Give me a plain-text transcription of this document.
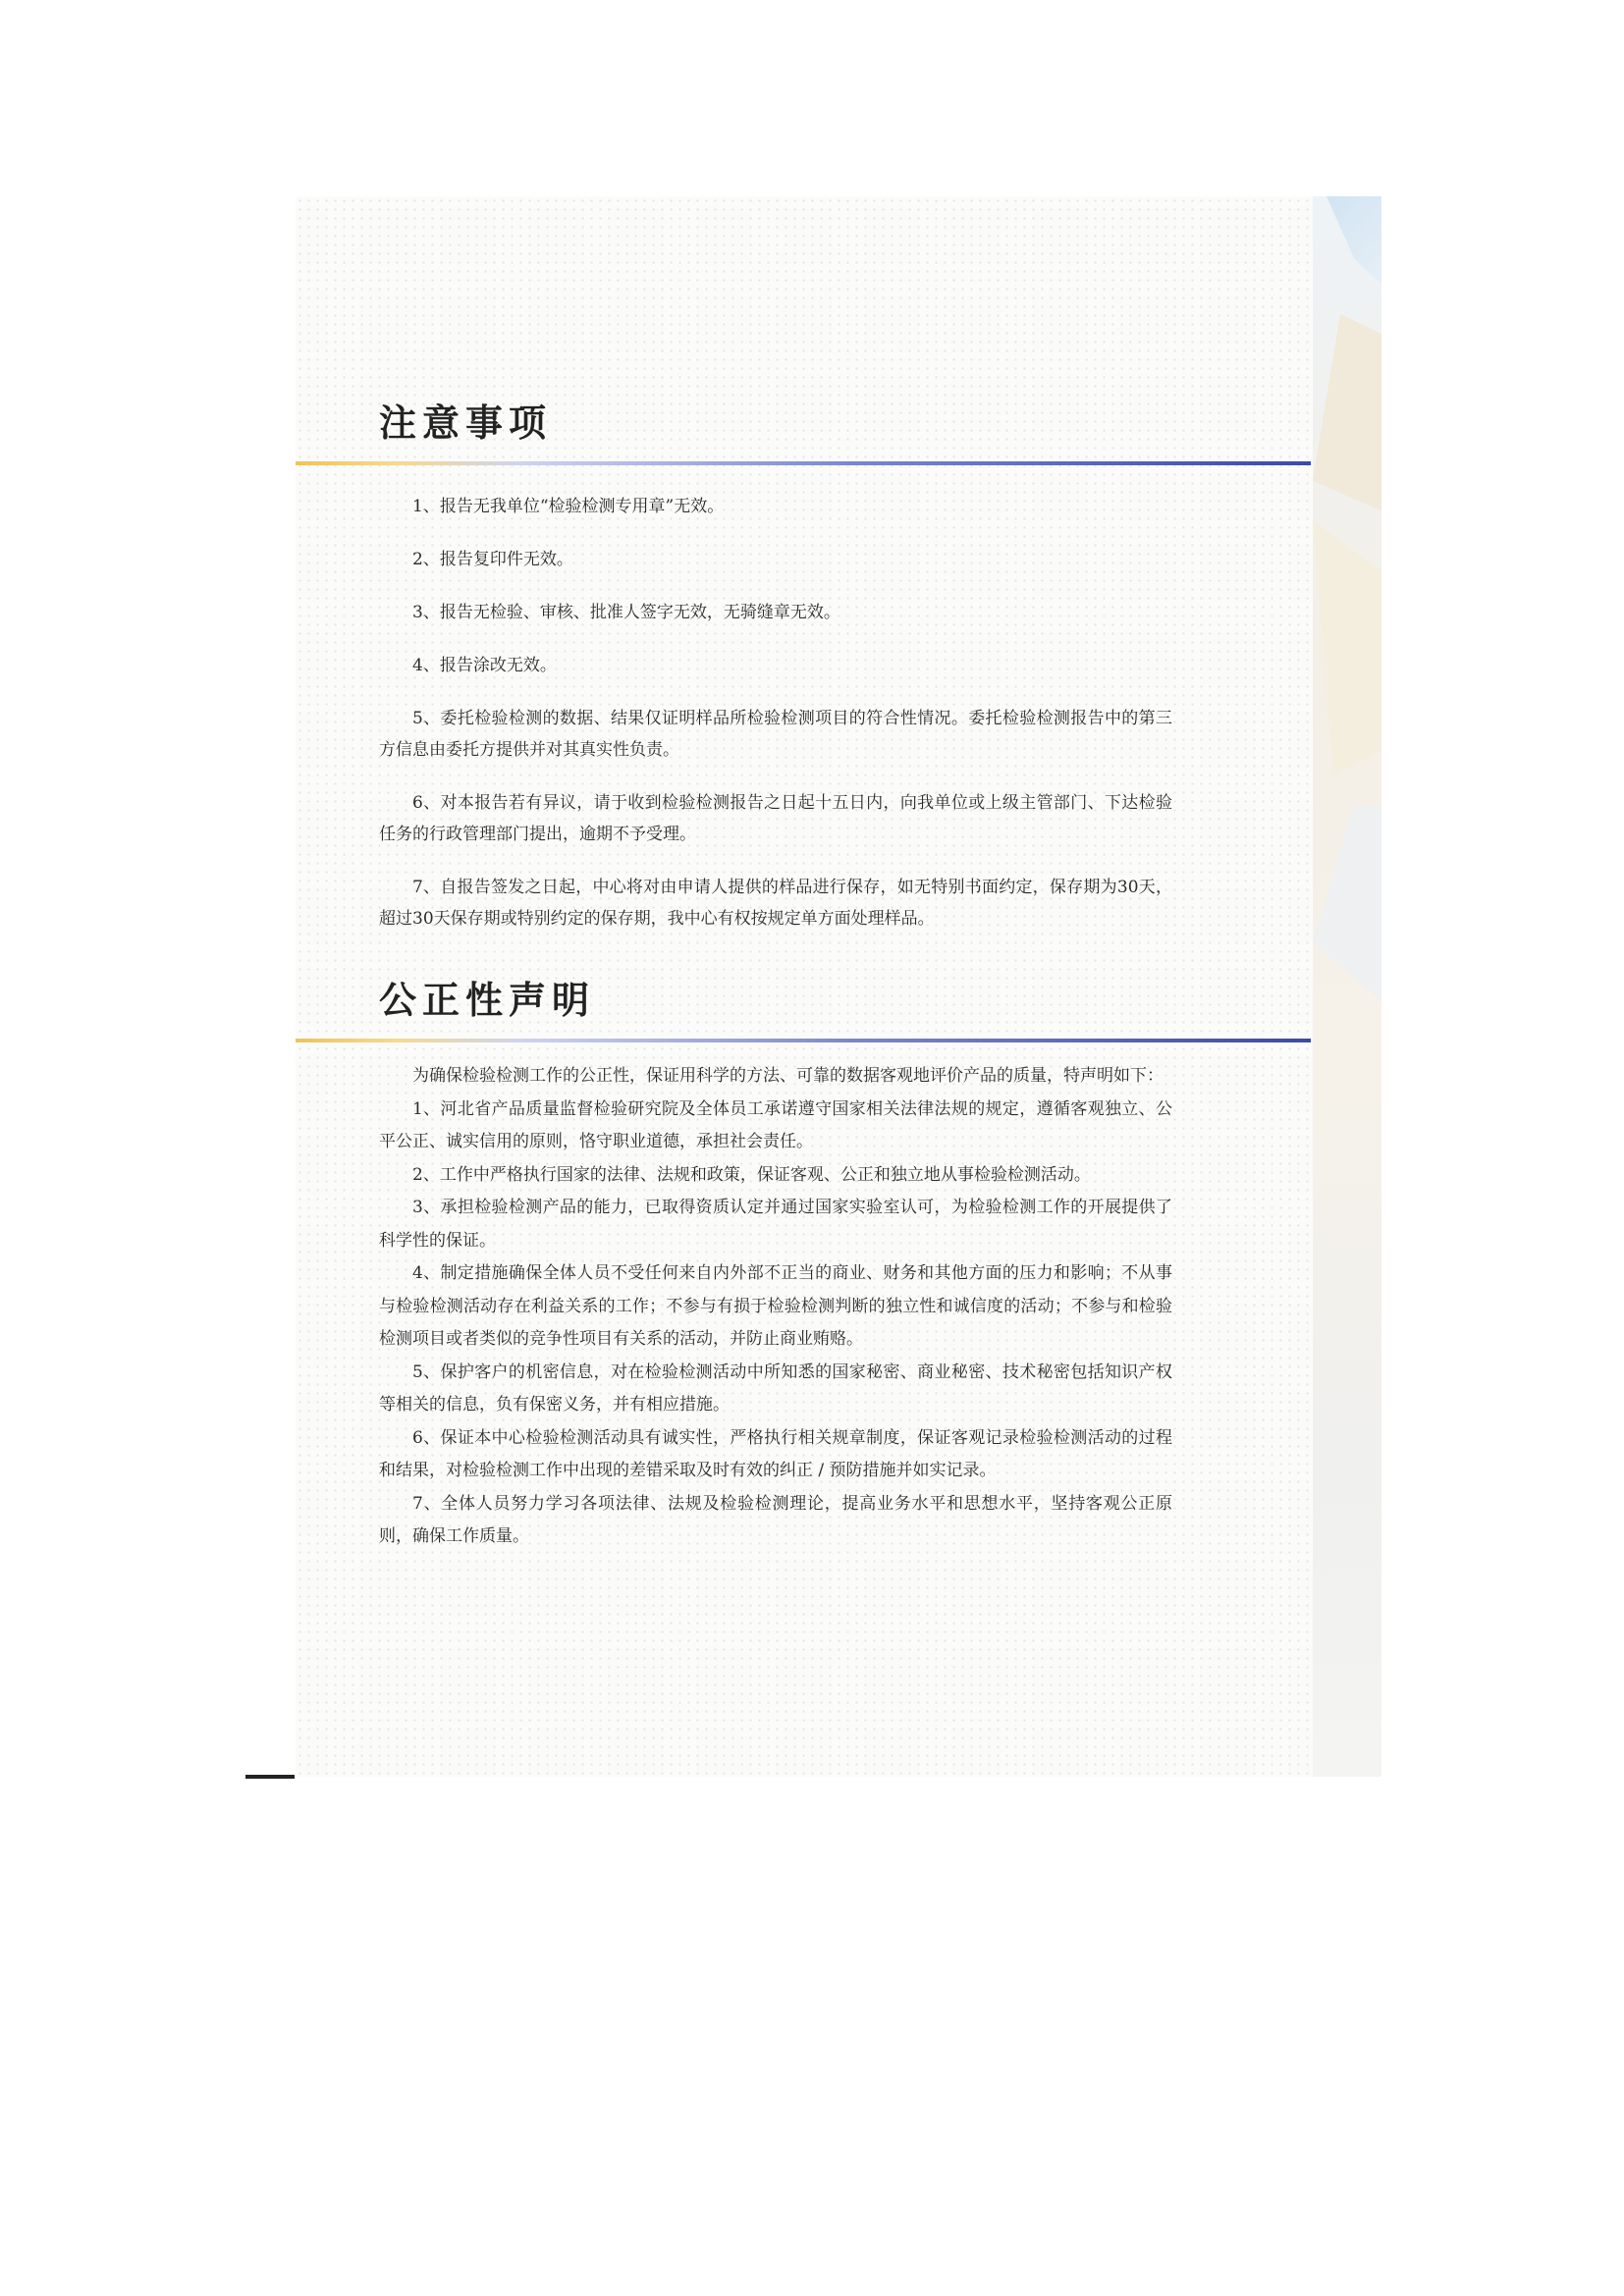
注意事项

1、报告无我单位“检验检测专用章”无效。

2、报告复印件无效。

3、报告无检验、审核、批准人签字无效，无骑缝章无效。

4、报告涂改无效。

5、委托检验检测的数据、结果仅证明样品所检验检测项目的符合性情况。委托检验检测报告中的第三方信息由委托方提供并对其真实性负责。

6、对本报告若有异议，请于收到检验检测报告之日起十五日内，向我单位或上级主管部门、下达检验任务的行政管理部门提出，逾期不予受理。

7、自报告签发之日起，中心将对由申请人提供的样品进行保存，如无特别书面约定，保存期为30天，超过30天保存期或特别约定的保存期，我中心有权按规定单方面处理样品。

公正性声明

为确保检验检测工作的公正性，保证用科学的方法、可靠的数据客观地评价产品的质量，特声明如下：

1、河北省产品质量监督检验研究院及全体员工承诺遵守国家相关法律法规的规定，遵循客观独立、公平公正、诚实信用的原则，恪守职业道德，承担社会责任。

2、工作中严格执行国家的法律、法规和政策，保证客观、公正和独立地从事检验检测活动。

3、承担检验检测产品的能力，已取得资质认定并通过国家实验室认可，为检验检测工作的开展提供了科学性的保证。

4、制定措施确保全体人员不受任何来自内外部不正当的商业、财务和其他方面的压力和影响；不从事与检验检测活动存在利益关系的工作；不参与有损于检验检测判断的独立性和诚信度的活动；不参与和检验检测项目或者类似的竞争性项目有关系的活动，并防止商业贿赂。

5、保护客户的机密信息，对在检验检测活动中所知悉的国家秘密、商业秘密、技术秘密包括知识产权等相关的信息，负有保密义务，并有相应措施。

6、保证本中心检验检测活动具有诚实性，严格执行相关规章制度，保证客观记录检验检测活动的过程和结果，对检验检测工作中出现的差错采取及时有效的纠正 / 预防措施并如实记录。

7、全体人员努力学习各项法律、法规及检验检测理论，提高业务水平和思想水平，坚持客观公正原则，确保工作质量。
